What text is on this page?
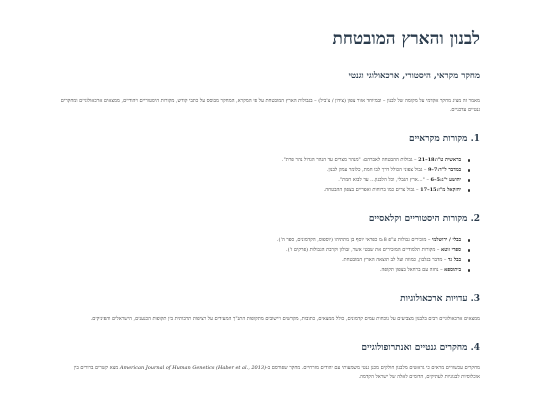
לבנון והארץ המובטחת
מחקר מקראי, היסטורי, ארכאולוגי וגנטי

מאמר זה מציג מחקר אקדמי על מקומה של לבנון – ובמיוחד אזור צפון (צידון / צ'ביל) – בגבולות הארץ המובטחת על פי המקרא, המחקר מבוסס על כתבי קודש, מקורות היסטוריים ויהודיים, ממצאים ארכאולוגיים ומחקרים גנטיים עדכניים.

1. מקורות מקראיים
בראשית ט"ו:18–21 – גבולות ההבטחה לאברהם: "מנהר מצרים עד הנהר הגדול נהר פרת".
במדבר ל"ד:7–9 – גבול צפוני הכולל דרך לבו חמת, כלומר עמק לבנון.
יהושע י"ג:5–6 – "...ארץ הגבלי, וכל הלבנון... עד לבוא חמת".
יחזקאל מ"ז:15–17 – גבול צרים כמו ברוחות ואפריים בצפון ההבטחה.
2. מקורות היסטוריים וקלאסיים
בבלי / ירושלמי – מזכירים גבולות ע"פ 8:מ כפראי יוסף בן מתתיהו (יוספוס, הקדמונים, ספר ה').
ספרי זוטא – מקורות תלמודיים המזכירים את שבטי אשר, זבולון וקרבת הגבולות (פרקים ז').
בבל גד – מדבר בגלבון, כמוזה ועל לב תוצאה הארץ המובטחת.
ביתוספא – נחזה עם ברחאל בצפון תקופה.
3. עדויות ארכאולוגיות

ממצאים ארכאולוגיים רבים בלבנון מצביעים על נוכחות עמים קדמונים, כולל ממצאים, כתובות, מקדשים ויישובים מתקופות התנ"ך המעידים על רציפות תרבותית בין תקופות הכנענים, הישראלים והפיניקים.

4. מחקרים גנטיים ואנתרופולוגיים

מחקרים עכשוויים מראים כי גראשים מלבנון חולקים מכנן גנטי משמעותי עם יהודים מזרחיים. מחקר שפורסם ב-American Journal of Human Genetics (Haber et al., 2013) מצא קשרים ברורים בין אוכלוסיות לבנוניות לעתיקים, הדומים לאלה של ישראל הקדמה.
